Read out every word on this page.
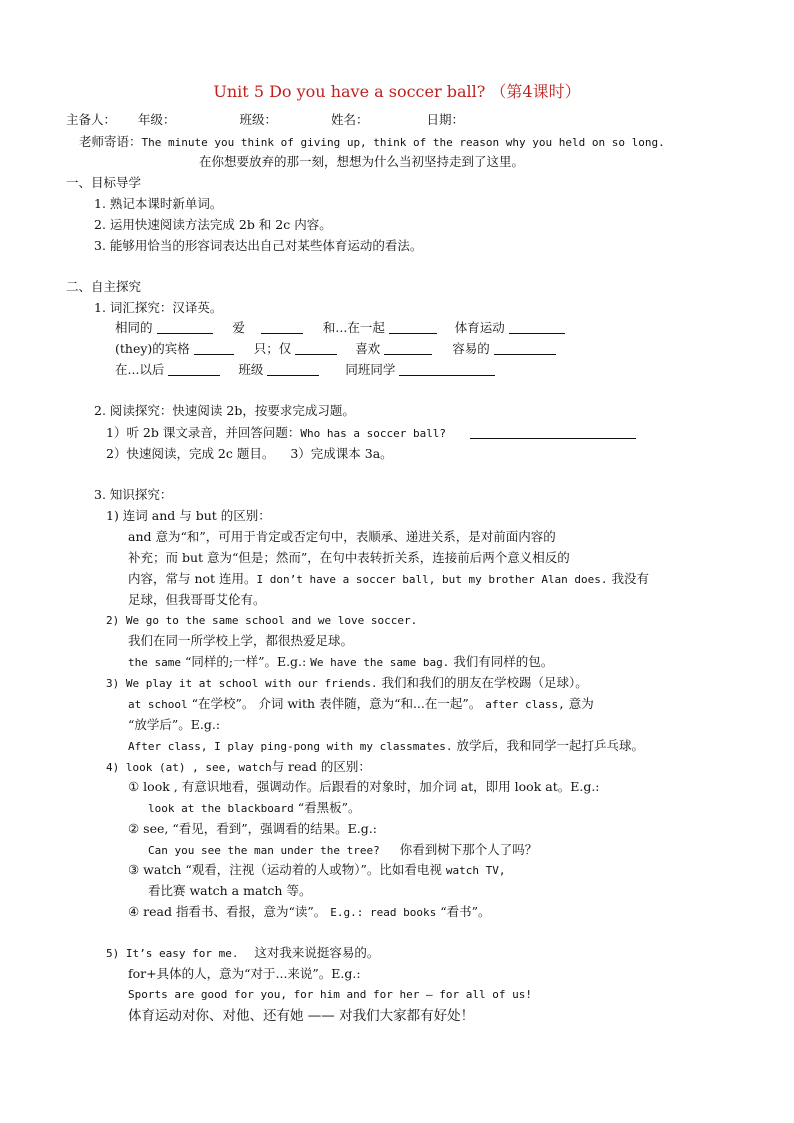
Unit 5 Do you have a soccer ball? （第4课时）
主备人： 年级：	班级：	姓名：	日期：
老师寄语：The minute you think of giving up, think of the reason why you held on so long.
在你想要放弃的那一刻，想想为什么当初坚持走到了这里。
一、目标导学
1. 熟记本课时新单词。
2. 运用快速阅读方法完成 2b 和 2c 内容。
3. 能够用恰当的形容词表达出自己对某些体育运动的看法。
二、自主探究
1. 词汇探究：汉译英。
相同的	爱	和...在一起	体育运动
(they)的宾格	只；仅	喜欢	容易的
在...以后	班级	同班同学
2. 阅读探究：快速阅读 2b，按要求完成习题。
1）听 2b 课文录音，并回答问题：Who has a soccer ball?
2）快速阅读，完成 2c 题目。 3）完成课本 3a。
3. 知识探究：
1) 连词 and 与 but 的区别：
and 意为“和”，可用于肯定或否定句中，表顺承、递进关系，是对前面内容的
补充；而 but 意为“但是；然而”，在句中表转折关系，连接前后两个意义相反的
内容，常与 not 连用。I don’t have a soccer ball, but my brother Alan does. 我没有
足球，但我哥哥艾伦有。
2) We go to the same school and we love soccer.
我们在同一所学校上学，都很热爱足球。
the same “同样的;一样”。E.g.: We have the same bag. 我们有同样的包。
3) We play it at school with our friends. 我们和我们的朋友在学校踢（足球）。
at school “在学校”。 介词 with 表伴随，意为“和...在一起”。 after class, 意为
“放学后”。E.g.:
After class, I play ping-pong with my classmates. 放学后，我和同学一起打乒乓球。
4) look (at) , see, watch与 read 的区别：
① look , 有意识地看，强调动作。后跟看的对象时，加介词 at，即用 look at。E.g.:
look at the blackboard “看黑板”。
② see, “看见，看到”，强调看的结果。E.g.:
Can you see the man under the tree? 你看到树下那个人了吗？
③ watch “观看，注视（运动着的人或物）”。比如看电视 watch TV,
看比赛 watch a match 等。
④ read 指看书、看报，意为“读”。 E.g.: read books “看书”。
5) It’s easy for me. 这对我来说挺容易的。
for+具体的人，意为“对于...来说”。E.g.:
Sports are good for you, for him and for her — for all of us!
体育运动对你、对他、还有她 —— 对我们大家都有好处！
